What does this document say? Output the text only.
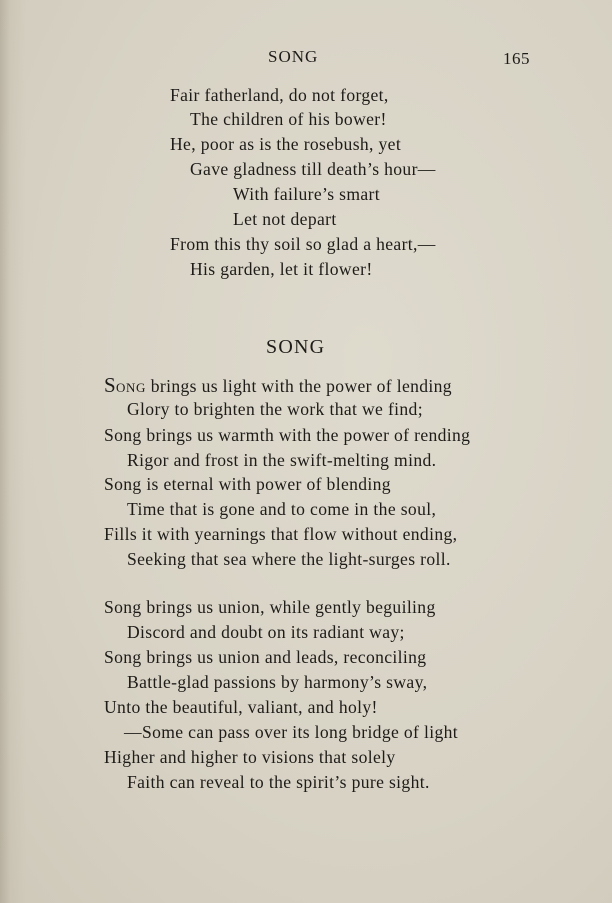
SONG	165
Fair fatherland, do not forget,
The children of his bower!
He, poor as is the rosebush, yet
Gave gladness till death’s hour—
With failure’s smart
Let not depart
From this thy soil so glad a heart,—
His garden, let it flower!
SONG
SONG brings us light with the power of lending
Glory to brighten the work that we find;
Song brings us warmth with the power of rending
Rigor and frost in the swift-melting mind.
Song is eternal with power of blending
Time that is gone and to come in the soul,
Fills it with yearnings that flow without ending,
Seeking that sea where the light-surges roll.
Song brings us union, while gently beguiling
Discord and doubt on its radiant way;
Song brings us union and leads, reconciling
Battle-glad passions by harmony’s sway,
Unto the beautiful, valiant, and holy!
—Some can pass over its long bridge of light
Higher and higher to visions that solely
Faith can reveal to the spirit’s pure sight.
